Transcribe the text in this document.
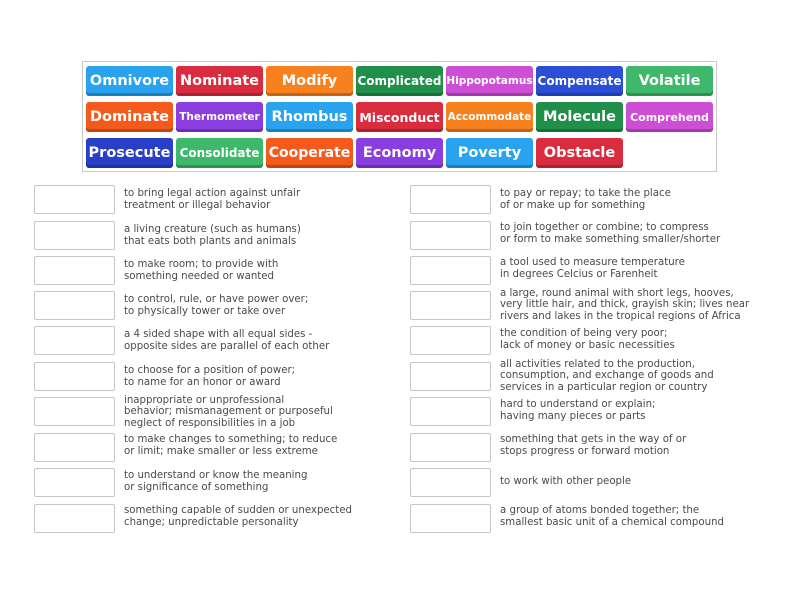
Omnivore Nominate	Modify	Complicated Hippopotamus Compensate	Volatile
Dominate Thermometer Rhombus Misconduct Accommodate Molecule	Comprehend
Prosecute Consolidate Cooperate Economy	Poverty	Obstacle
to bring legal action against unfair
treatment or illegal behavior
a living creature (such as humans)
that eats both plants and animals
to make room; to provide with
something needed or wanted
to control, rule, or have power over;
to physically tower or take over
a 4 sided shape with all equal sides -
opposite sides are parallel of each other
to choose for a position of power;
to name for an honor or award
inappropriate or unprofessional
behavior; mismanagement or purposeful
neglect of responsibilities in a job
to make changes to something; to reduce
or limit; make smaller or less extreme
to understand or know the meaning
or significance of something
something capable of sudden or unexpected
change; unpredictable personality
to pay or repay; to take the place
of or make up for something
to join together or combine; to compress
or form to make something smaller/shorter
a tool used to measure temperature
in degrees Celcius or Farenheit
a large, round animal with short legs, hooves,
very little hair, and thick, grayish skin; lives near
rivers and lakes in the tropical regions of Africa
the condition of being very poor;
lack of money or basic necessities
all activities related to the production,
consumption, and exchange of goods and
services in a particular region or country
hard to understand or explain;
having many pieces or parts
something that gets in the way of or
stops progress or forward motion
to work with other people
a group of atoms bonded together; the
smallest basic unit of a chemical compound
